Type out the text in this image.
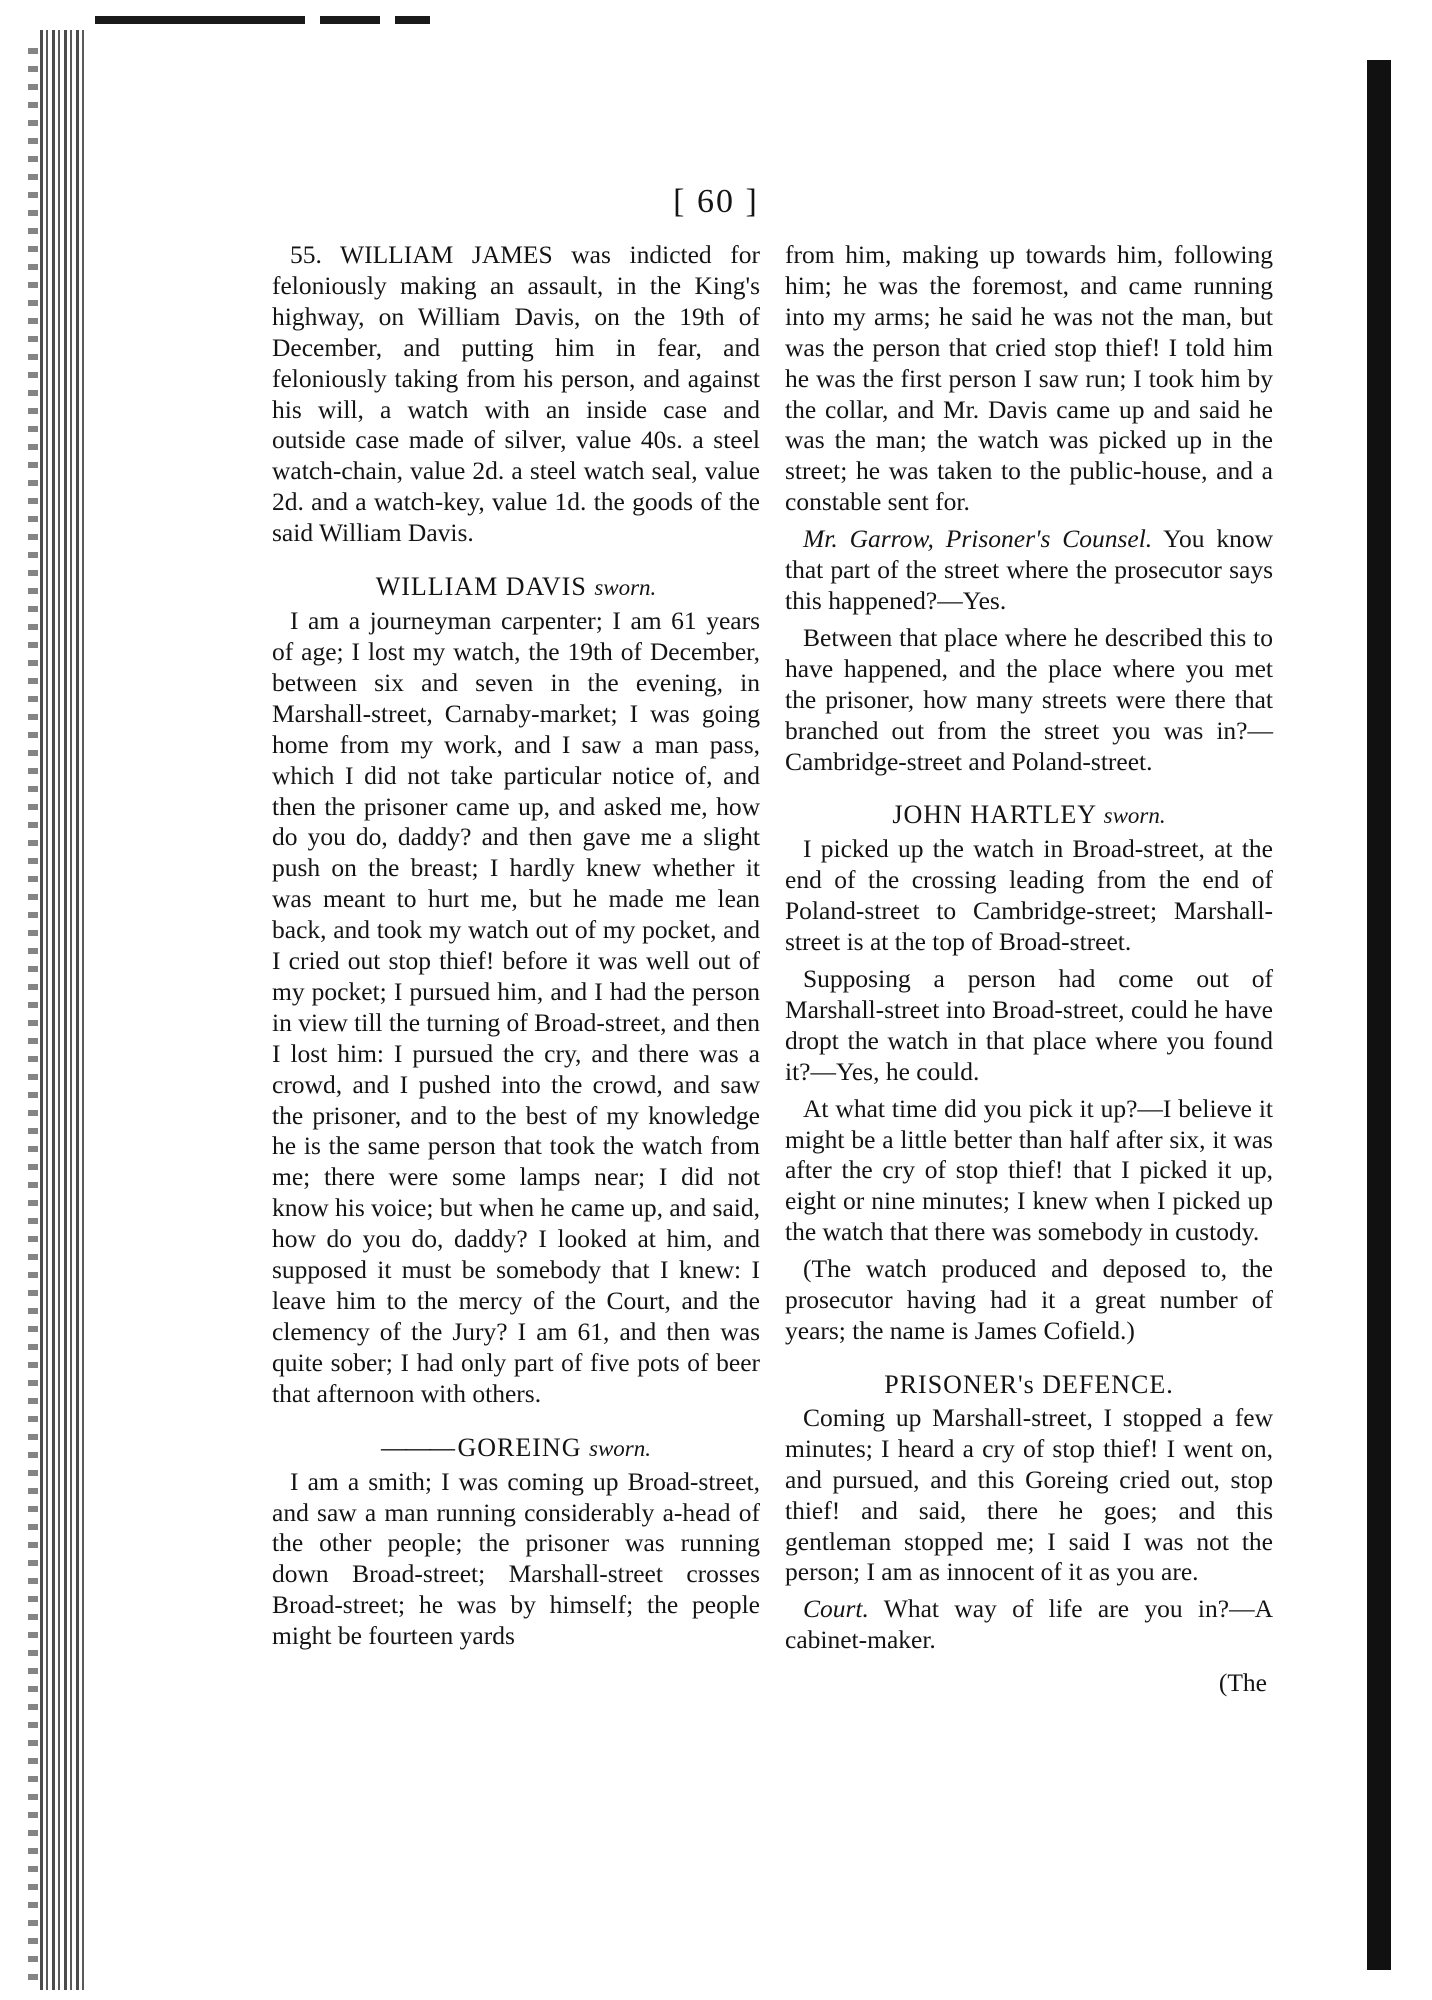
[ 60 ]

55. WILLIAM JAMES was indicted for feloniously making an assault, in the King's highway, on William Davis, on the 19th of December, and putting him in fear, and feloniously taking from his person, and against his will, a watch with an inside case and outside case made of silver, value 40s. a steel watch-chain, value 2d. a steel watch seal, value 2d. and a watch-key, value 1d. the goods of the said William Davis.

WILLIAM DAVIS sworn.

I am a journeyman carpenter; I am 61 years of age; I lost my watch, the 19th of December, between six and seven in the evening, in Marshall-street, Carnaby-market; I was going home from my work, and I saw a man pass, which I did not take particular notice of, and then the prisoner came up, and asked me, how do you do, daddy? and then gave me a slight push on the breast; I hardly knew whether it was meant to hurt me, but he made me lean back, and took my watch out of my pocket, and I cried out stop thief! before it was well out of my pocket; I pursued him, and I had the person in view till the turning of Broad-street, and then I lost him: I pursued the cry, and there was a crowd, and I pushed into the crowd, and saw the prisoner, and to the best of my knowledge he is the same person that took the watch from me; there were some lamps near; I did not know his voice; but when he came up, and said, how do you do, daddy? I looked at him, and supposed it must be somebody that I knew: I leave him to the mercy of the Court, and the clemency of the Jury? I am 61, and then was quite sober; I had only part of five pots of beer that afternoon with others.

——— GOREING sworn.

I am a smith; I was coming up Broad-street, and saw a man running considerably a-head of the other people; the prisoner was running down Broad-street; Marshall-street crosses Broad-street; he was by himself; the people might be fourteen yards

from him, making up towards him, following him; he was the foremost, and came running into my arms; he said he was not the man, but was the person that cried stop thief! I told him he was the first person I saw run; I took him by the collar, and Mr. Davis came up and said he was the man; the watch was picked up in the street; he was taken to the public-house, and a constable sent for.

Mr. Garrow, Prisoner's Counsel. You know that part of the street where the prosecutor says this happened?—Yes.

Between that place where he described this to have happened, and the place where you met the prisoner, how many streets were there that branched out from the street you was in?—Cambridge-street and Poland-street.

JOHN HARTLEY sworn.

I picked up the watch in Broad-street, at the end of the crossing leading from the end of Poland-street to Cambridge-street; Marshall-street is at the top of Broad-street.

Supposing a person had come out of Marshall-street into Broad-street, could he have dropt the watch in that place where you found it?—Yes, he could.

At what time did you pick it up?—I believe it might be a little better than half after six, it was after the cry of stop thief! that I picked it up, eight or nine minutes; I knew when I picked up the watch that there was somebody in custody.

(The watch produced and deposed to, the prosecutor having had it a great number of years; the name is James Cofield.)

PRISONER's DEFENCE.

Coming up Marshall-street, I stopped a few minutes; I heard a cry of stop thief! I went on, and pursued, and this Goreing cried out, stop thief! and said, there he goes; and this gentleman stopped me; I said I was not the person; I am as innocent of it as you are.

Court. What way of life are you in?—A cabinet-maker.

(The
